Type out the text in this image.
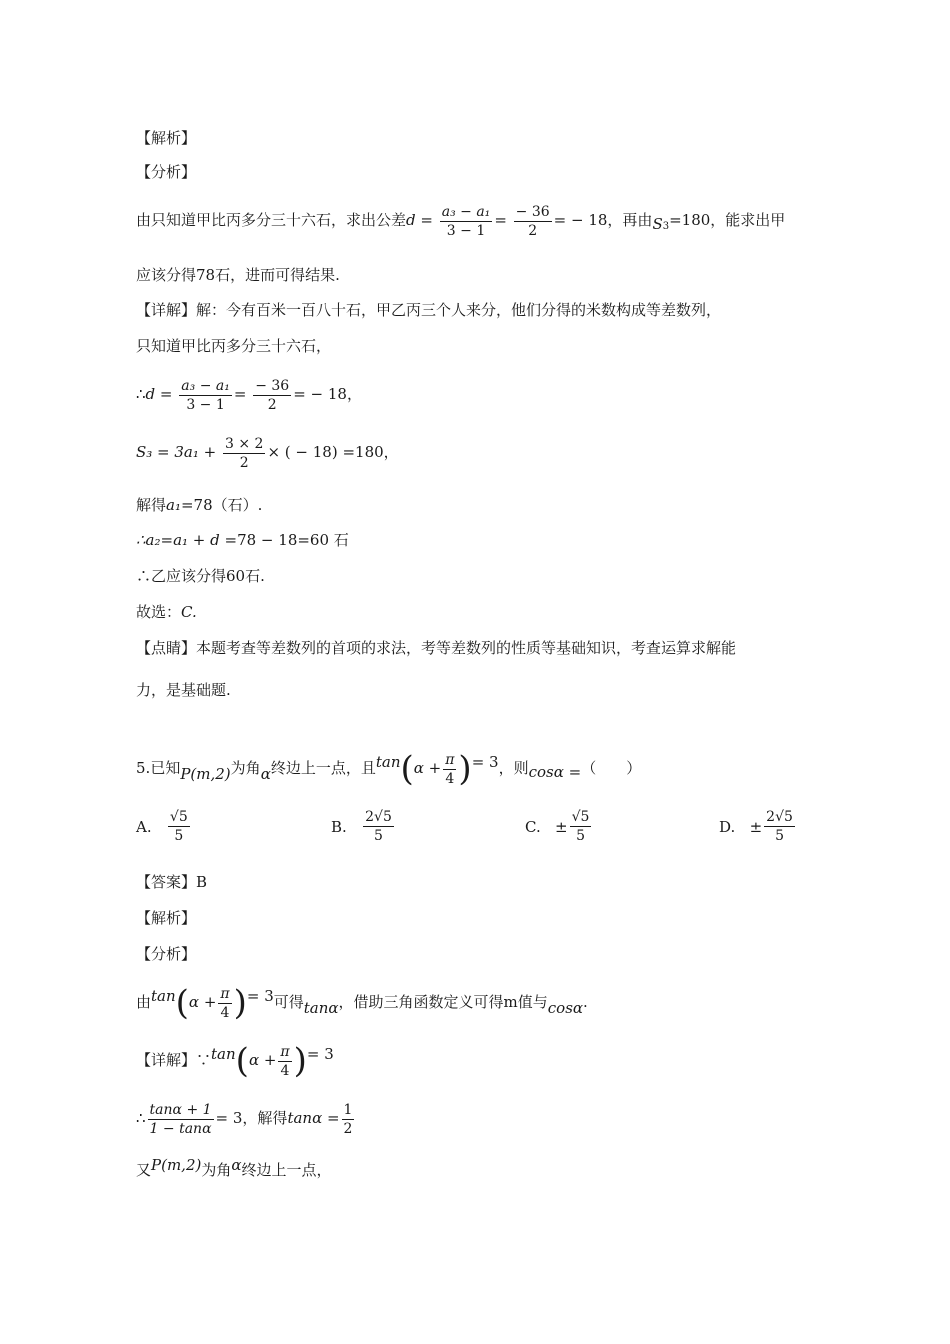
【解析】
【分析】
由只知道甲比丙多分三十六石，求出公差$d = \frac{\text{a₃ − a₁}}{3 - 1} = \frac{- 36}{2}$ = − 18，再由$S_3=180$，能求出甲
应该分得78石，进而可得结果.
【详解】解：今有百米一百八十石，甲乙丙三个人来分，他们分得的米数构成等差数列，
只知道甲比丙多分三十六石，
∴d = $\frac{\text{a₃ − a₁}}{3 - 1} = \frac{- 36}{2}$ = − 18，
$S_3 = 3a_1 + \frac{3 \times 2}{2}$ × ( − 18) =180，
解得a₁=78（石）.
∴a₂=a₁ + d =78 − 18=60 石
∴乙应该分得60石.
故选：C.
【点睛】本题考查等差数列的首项的求法，考等差数列的性质等基础知识，考查运算求解能
力，是基础题.
5.已知P(m,2)为角α终边上一点，且$\tan(\alpha + \frac{\pi}{4}$ )= 3，则cosα =（　　）
A. $\frac{√5}{5}$	B. $\frac{2√5}{5}$	C. ± $\frac{√5}{5}$	D. ± $\frac{2√5}{5}$
【答案】B
【解析】
【分析】
由$\tan(\alpha + \frac{\pi}{4}$ )= 3可得tanα，借助三角函数定义可得m值与cosα.
【详解】∵tan(α + $\frac{\pi}{4}$ )= 3
∴ $\frac{\tan\alpha + 1}{1 - \tan\alpha} = 3$，解得$\tan\alpha = \frac{1}{2}$
又P(m,2)为角α终边上一点，
